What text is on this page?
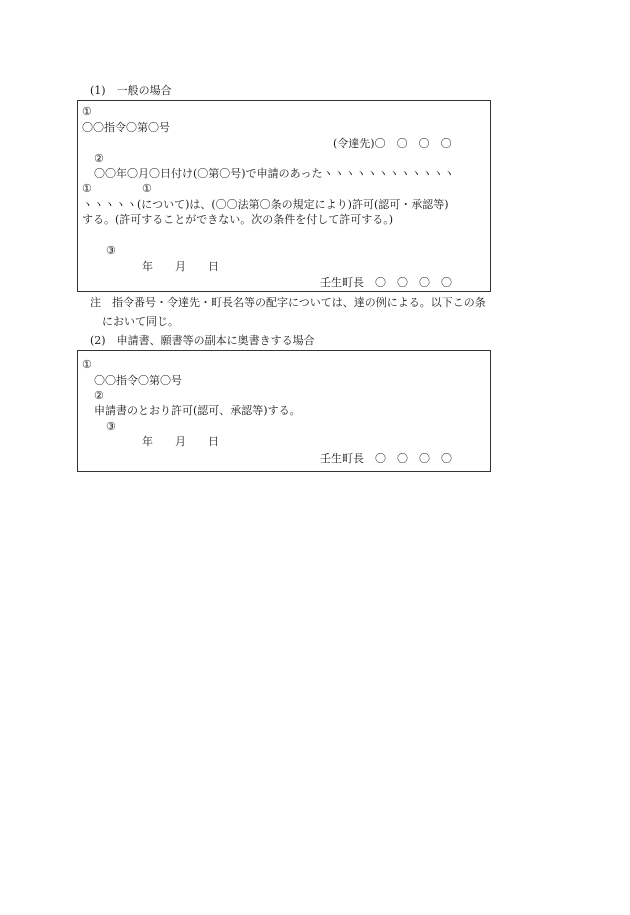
(1)　一般の場合

①

〇〇指令〇第〇号

(令達先)〇　〇　〇　〇

②

〇〇年〇月〇日付け(〇第〇号)で申請のあったヽヽヽヽヽヽヽヽヽヽヽヽ

①	①

ヽヽヽヽヽ(について)は、(〇〇法第〇条の規定により)許可(認可・承認等)

する。(許可することができない。次の条件を付して許可する。)

③

年　　月　　日

壬生町長　〇　〇　〇　〇

注　指令番号・令達先・町長名等の配字については、達の例による。以下この条

において同じ。

(2)　申請書、願書等の副本に奥書きする場合

①

〇〇指令〇第〇号

②

申請書のとおり許可(認可、承認等)する。

③

年　　月　　日

壬生町長　〇　〇　〇　〇
